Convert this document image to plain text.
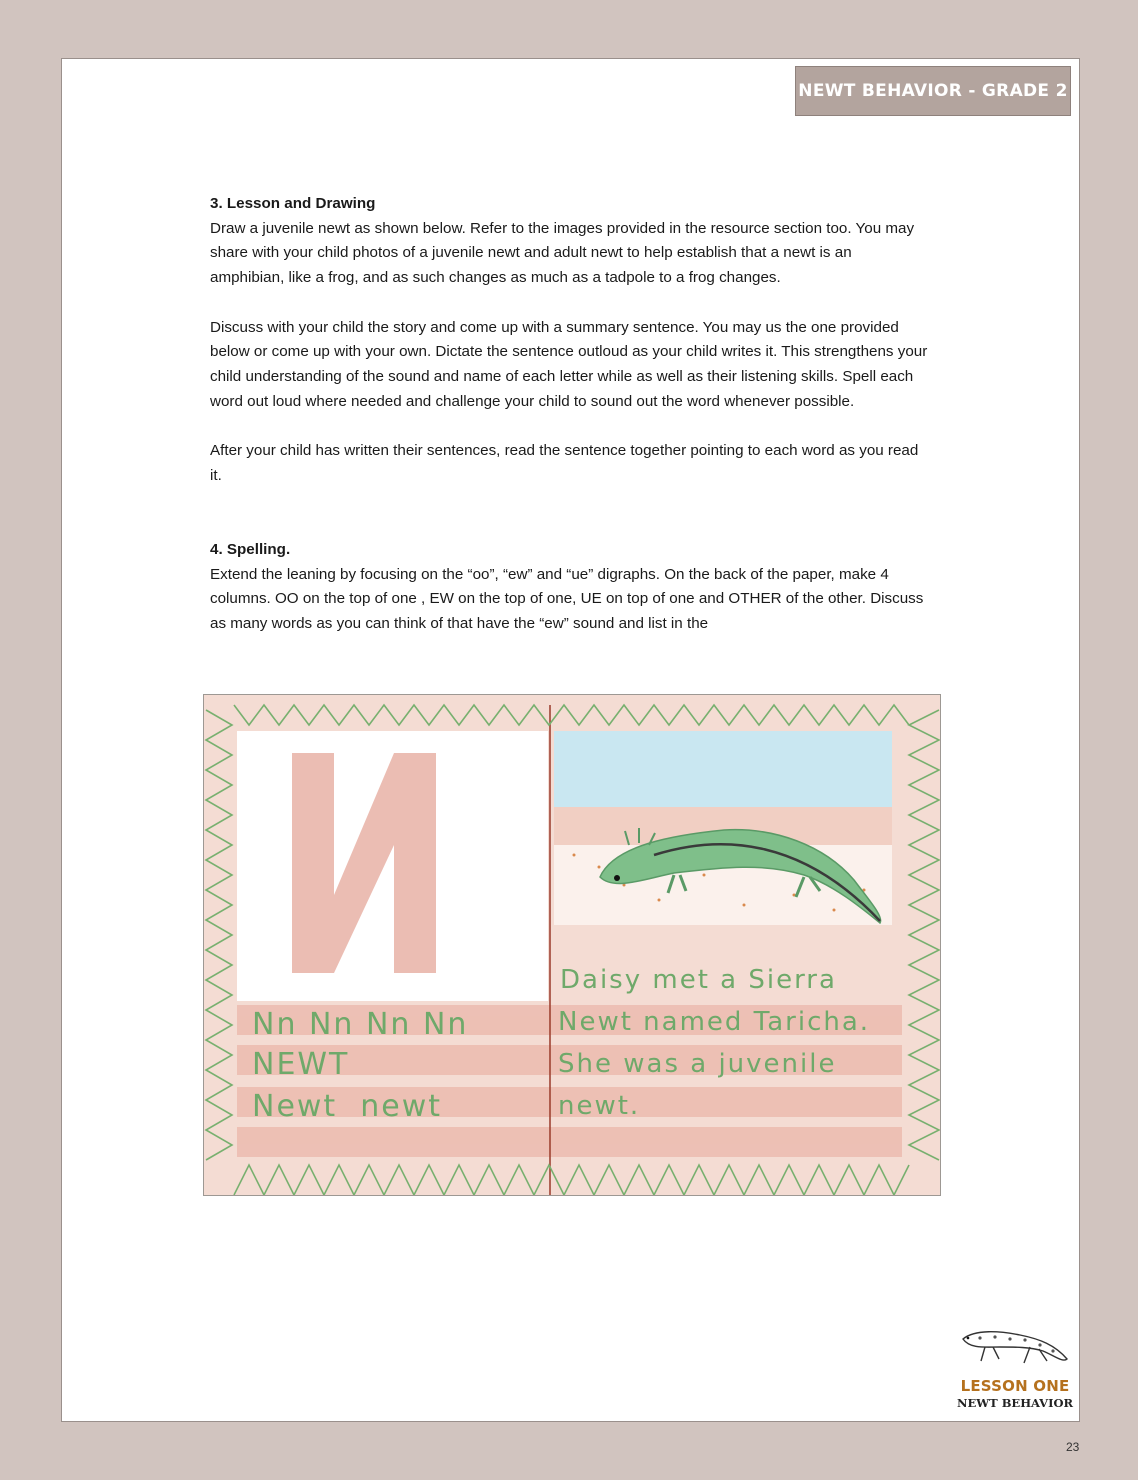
NEWT BEHAVIOR - GRADE 2

3. Lesson and Drawing

Draw a juvenile newt as shown below. Refer to the images provided in the resource section too. You may share with your child photos of a juvenile newt and adult newt to help establish that a newt is an amphibian, like a frog, and as such changes as much as a tadpole to a frog changes.

Discuss with your child the story and come up with a summary sentence. You may us the one provided below or come up with your own. Dictate the sentence outloud as your child writes it. This strengthens your child understanding of the sound and name of each letter while as well as their listening skills. Spell each word out loud where needed and challenge your child to sound out the word whenever possible.

After your child has written their sentences, read the sentence together pointing to each word as you read it.

4. Spelling.

Extend the leaning by focusing on the “oo”, “ew” and “ue” digraphs. On the back of the paper, make 4 columns. OO on the top of one , EW on the top of one, UE on top of one and OTHER of the other. Discuss as many words as you can think of that have the “ew” sound and list in the

Nn Nn Nn Nn
NEWT
Newt  newt
Daisy met a Sierra
Newt named Taricha.
She was a juvenile
newt.
LESSON ONE
NEWT BEHAVIOR
23
